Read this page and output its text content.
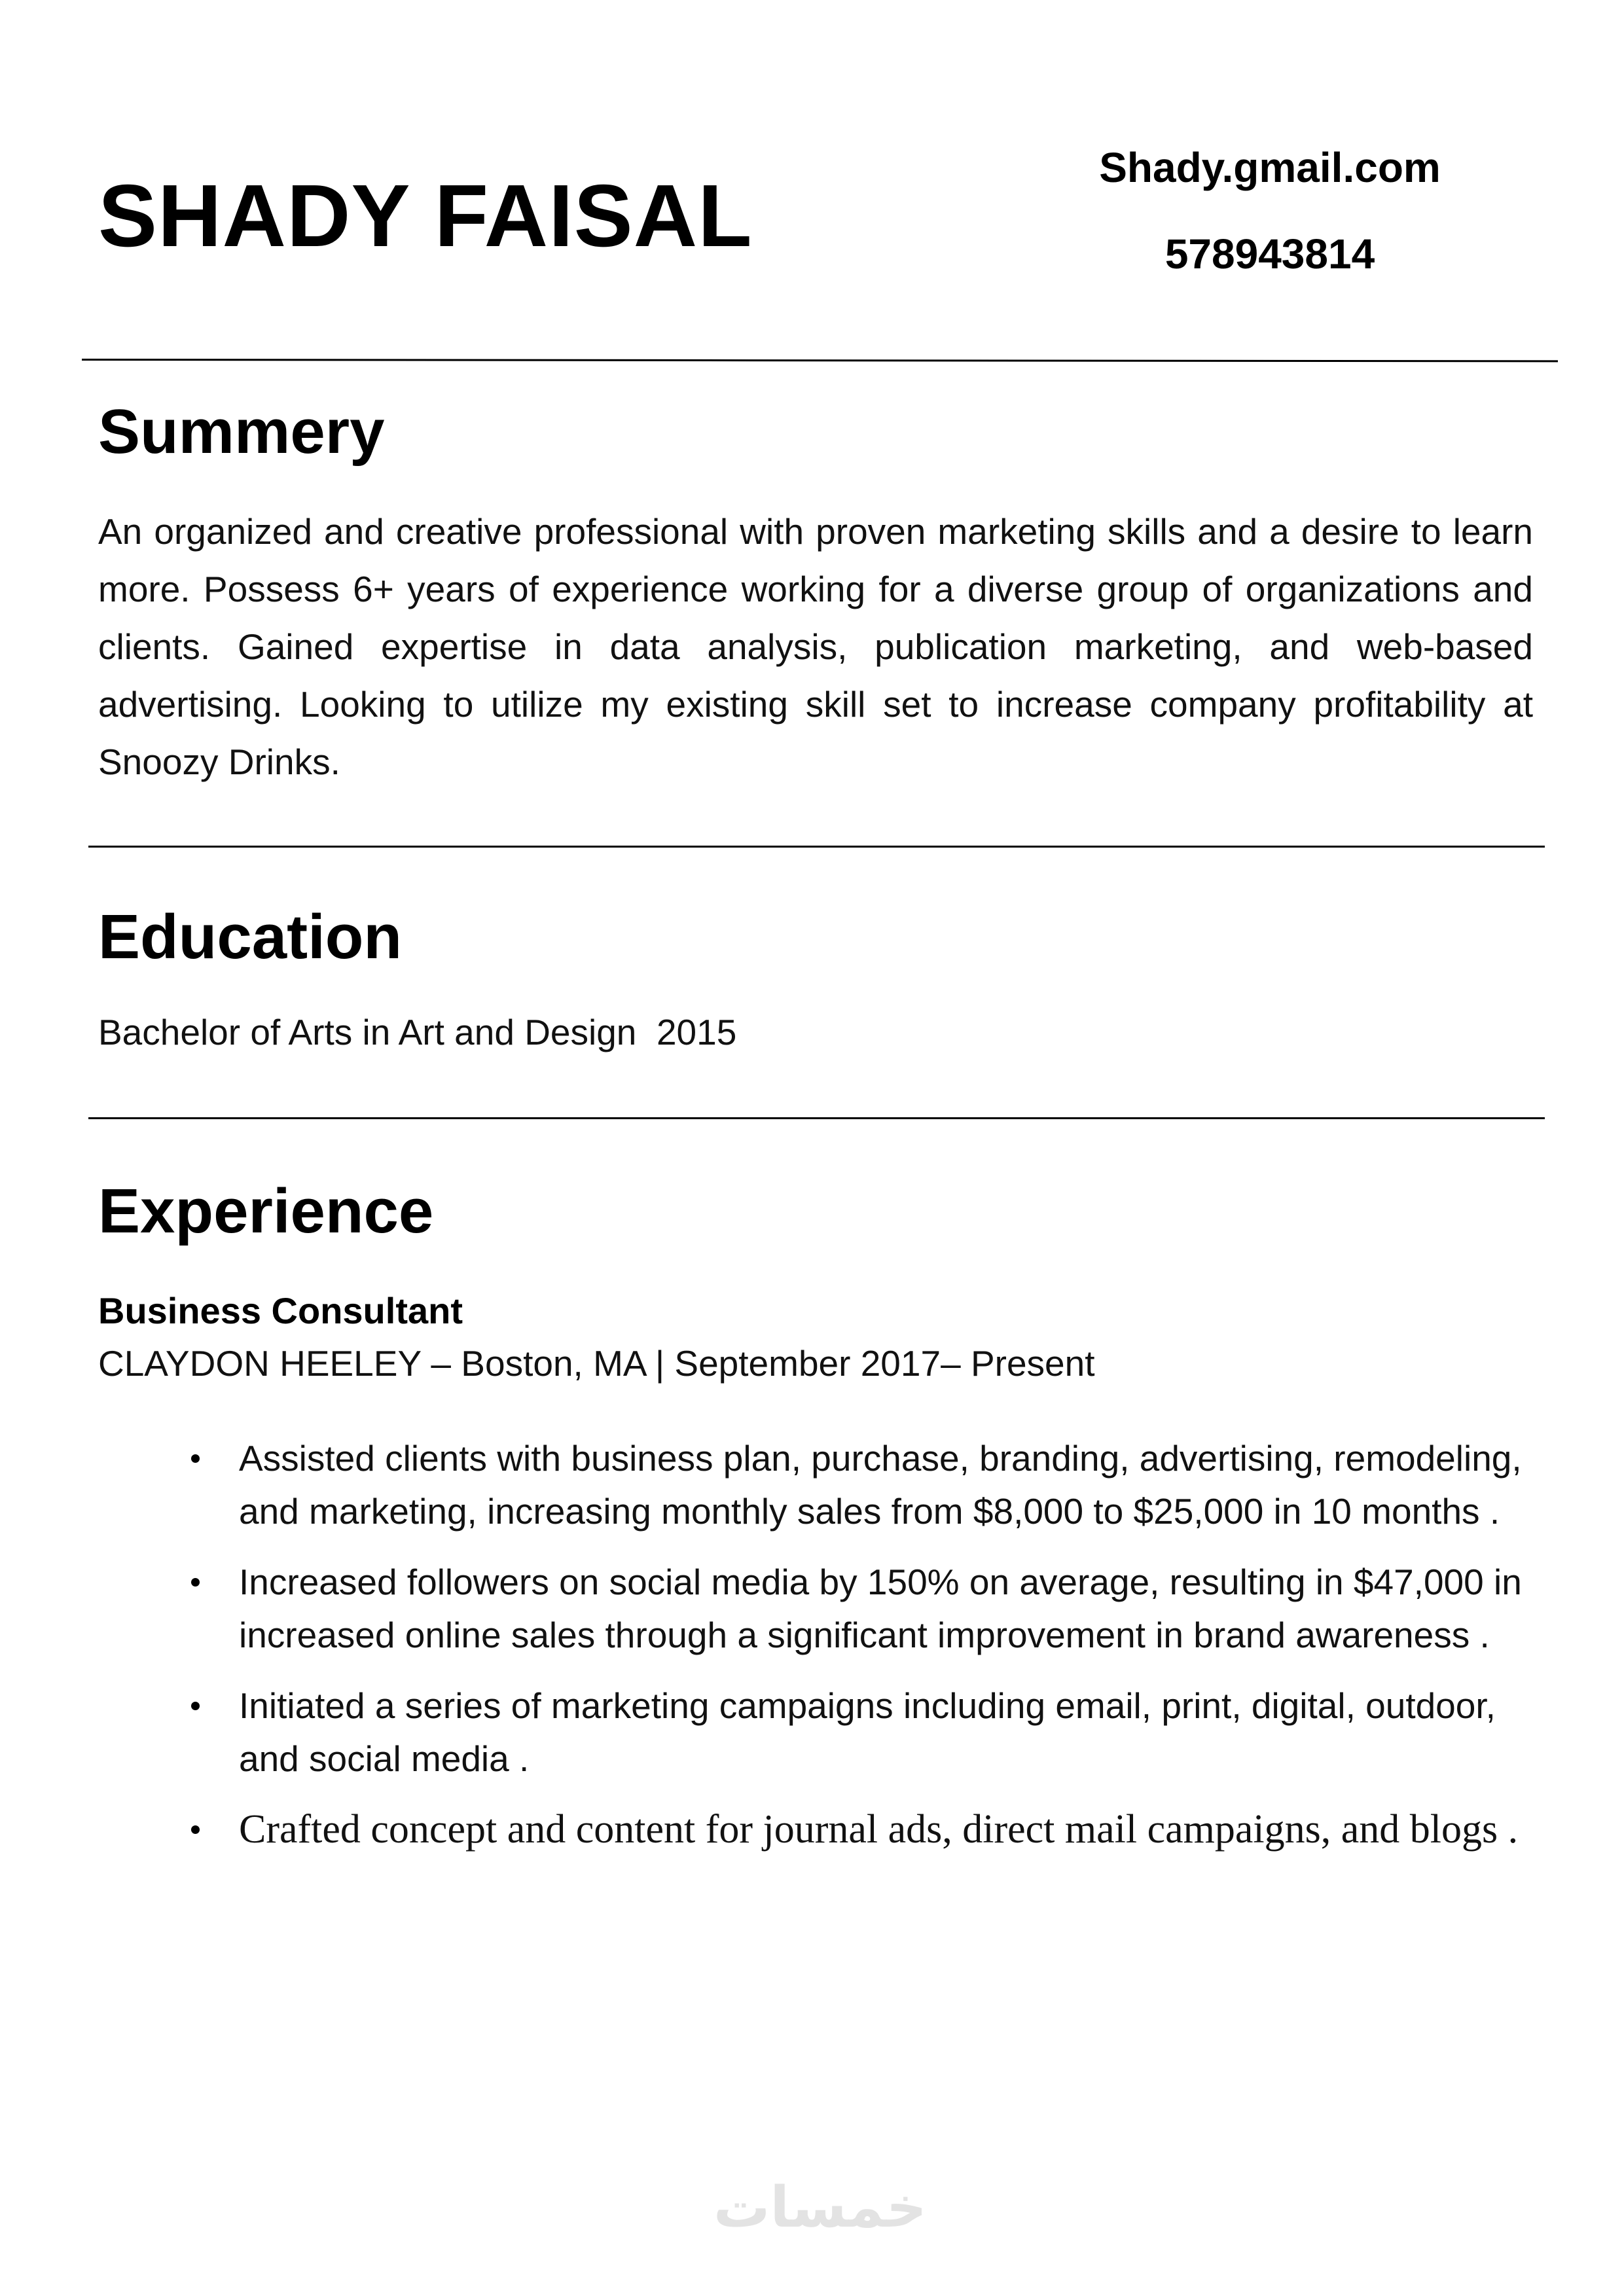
SHADY FAISAL	Shady.gmail.com
578943814
Summery

An organized and creative professional with proven marketing skills and a desire to learn more. Possess 6+ years of experience working for a diverse group of organizations and clients. Gained expertise in data analysis, publication marketing, and web-based advertising. Looking to utilize my existing skill set to increase company profitability at Snoozy Drinks.

Education
Bachelor of Arts in Art and Design  2015
Experience
Business Consultant
CLAYDON HEELEY – Boston, MA | September 2017– Present
Assisted clients with business plan, purchase, branding, advertising, remodeling, and marketing, increasing monthly sales from $8,000 to $25,000 in 10 months .
Increased followers on social media by 150% on average, resulting in $47,000 in increased online sales through a significant improvement in brand awareness .
Initiated a series of marketing campaigns including email, print, digital, outdoor, and social media .
Crafted concept and content for journal ads, direct mail campaigns, and blogs .
خمسات
